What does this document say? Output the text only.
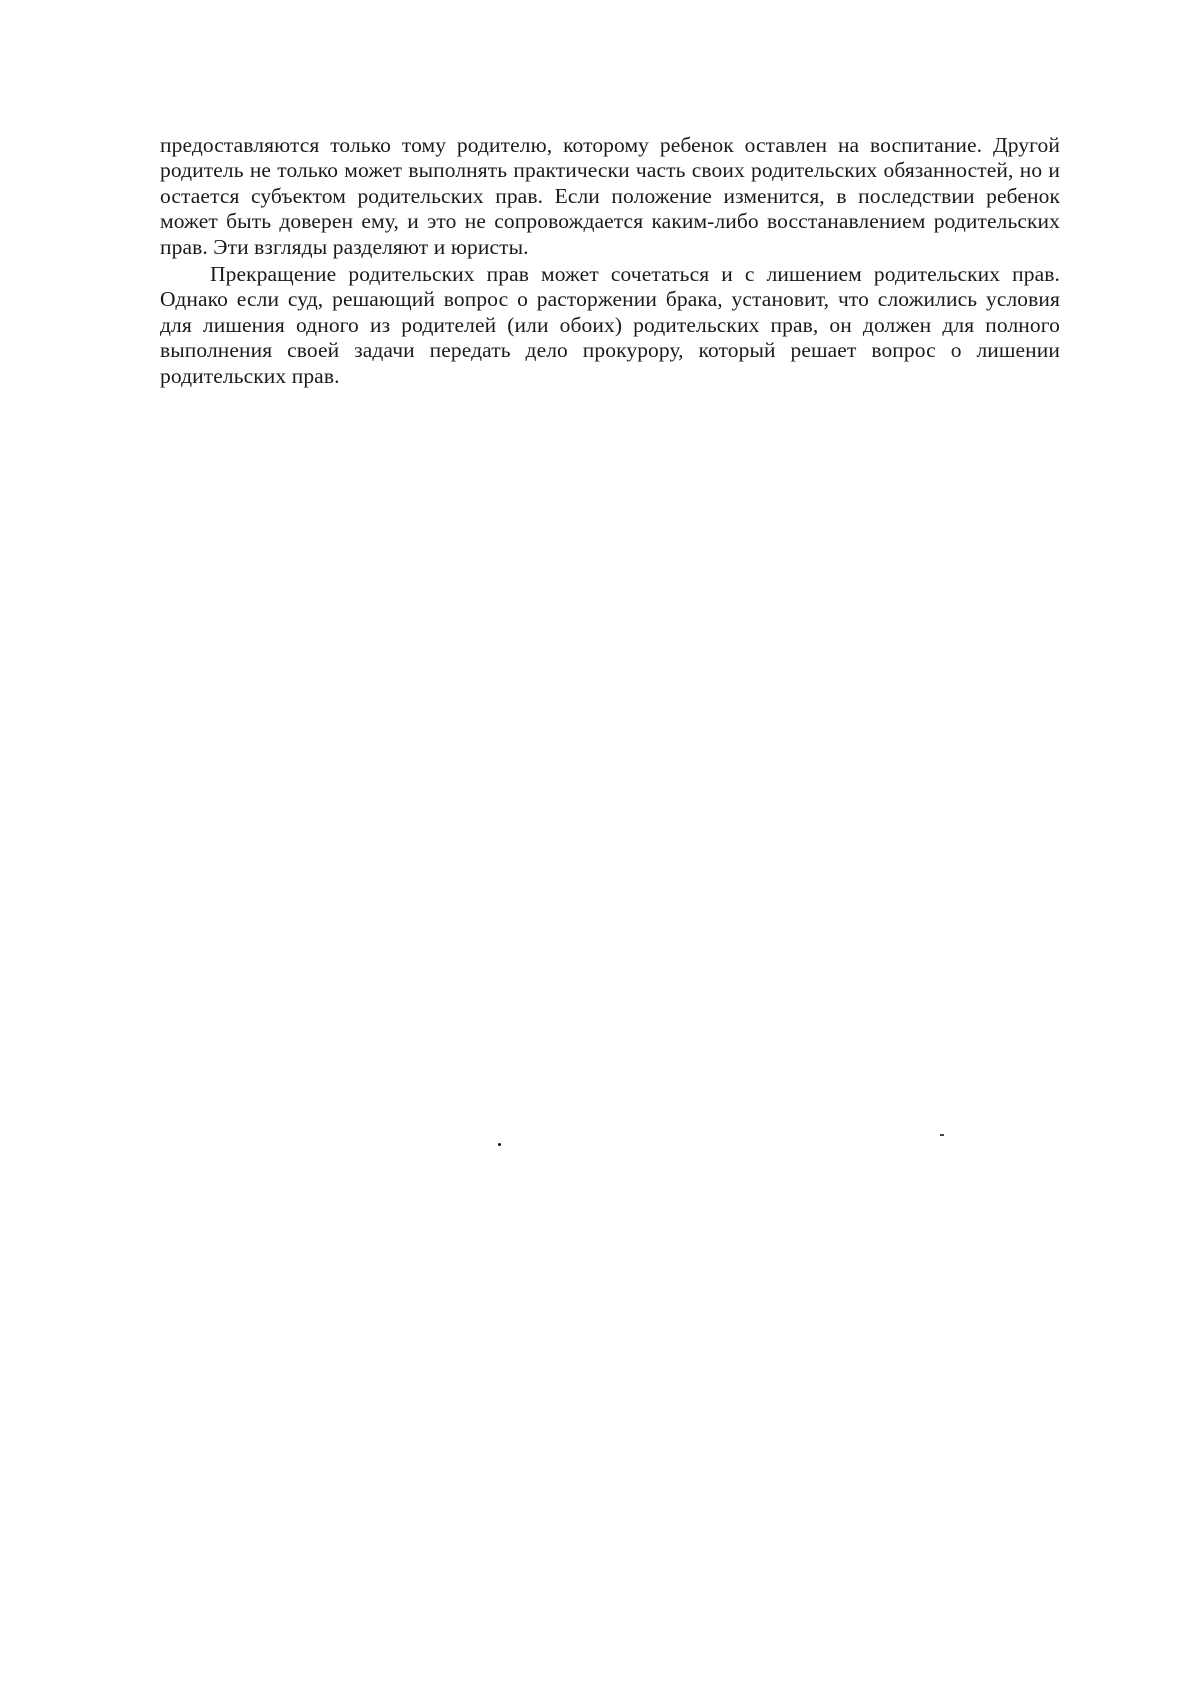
предоставляются только тому родителю, которому ребенок оставлен на воспитание. Другой родитель не только может выполнять практически часть своих родительских обязанностей, но и остается субъектом родительских прав. Если положение изменится, в последствии ребенок может быть доверен ему, и это не сопровождается каким-либо восстанавлением родительских прав. Эти взгляды разделяют и юристы.

Прекращение родительских прав может сочетаться и с лишением родительских прав. Однако если суд, решающий вопрос о расторжении брака, установит, что сложились условия для лишения одного из родителей (или обоих) родительских прав, он должен для полного выполнения своей задачи передать дело прокурору, который решает вопрос о лишении родительских прав.
